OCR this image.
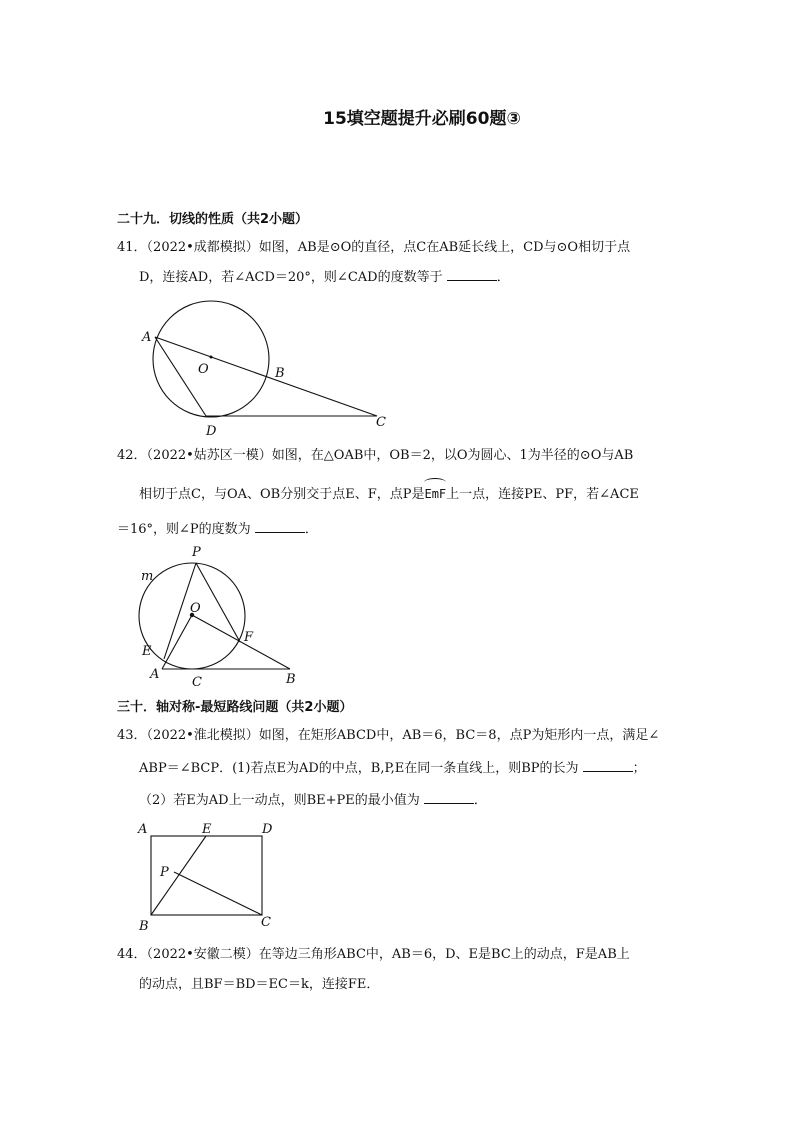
15填空题提升必刷60题③
二十九．切线的性质（共2小题）
41．（2022•成都模拟）如图，AB是⊙O的直径，点C在AB延长线上，CD与⊙O相切于点
D，连接AD，若∠ACD＝20°，则∠CAD的度数等于	．
A
O	B
C
D
42．（2022•姑苏区一模）如图，在△OAB中，OB＝2，以O为圆心、1为半径的⊙O与AB
相切于点C，与OA、OB分别交于点E、F，点P是
EmF上一点，连接PE、PF，若∠ACE
＝16°，则∠P的度数为	．
P
m
O
E
F
A
C	B
三十．轴对称-最短路线问题（共2小题）
43．（2022•淮北模拟）如图，在矩形ABCD中，AB＝6，BC＝8，点P为矩形内一点，满足∠
ABP＝∠BCP．(1)若点E为AD的中点，B,P,E在同一条直线上，则BP的长为	；
（2）若E为AD上一动点，则BE+PE的最小值为	．
A	E	D
P
B	C
44．（2022•安徽二模）在等边三角形ABC中，AB＝6，D、E是BC上的动点，F是AB上
的动点，且BF＝BD＝EC＝k，连接FE．
